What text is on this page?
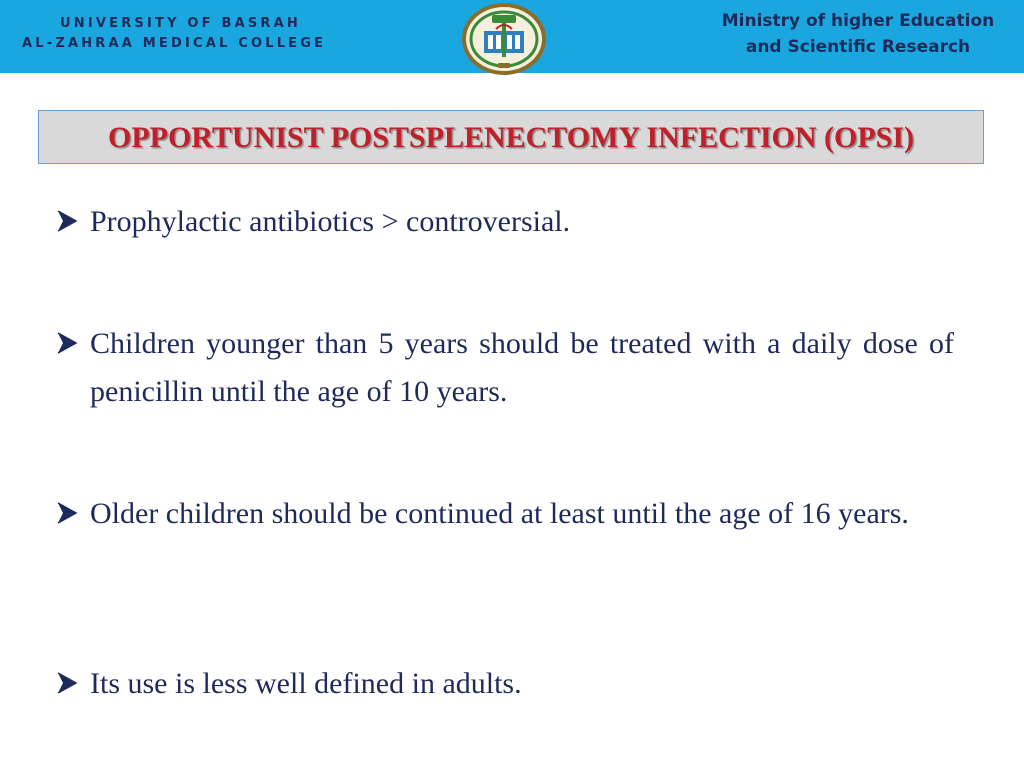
UNIVERSITY OF BASRAH
AL-ZAHRAA MEDICAL COLLEGE
Ministry of higher Education
and Scientific Research
OPPORTUNIST POSTSPLENECTOMY INFECTION (OPSI)
Prophylactic antibiotics > controversial.
Children younger than 5 years should be treated with a daily dose of penicillin until the age of 10 years.
Older children should be continued at least until the age of 16 years.
Its use is less well defined in adults.
